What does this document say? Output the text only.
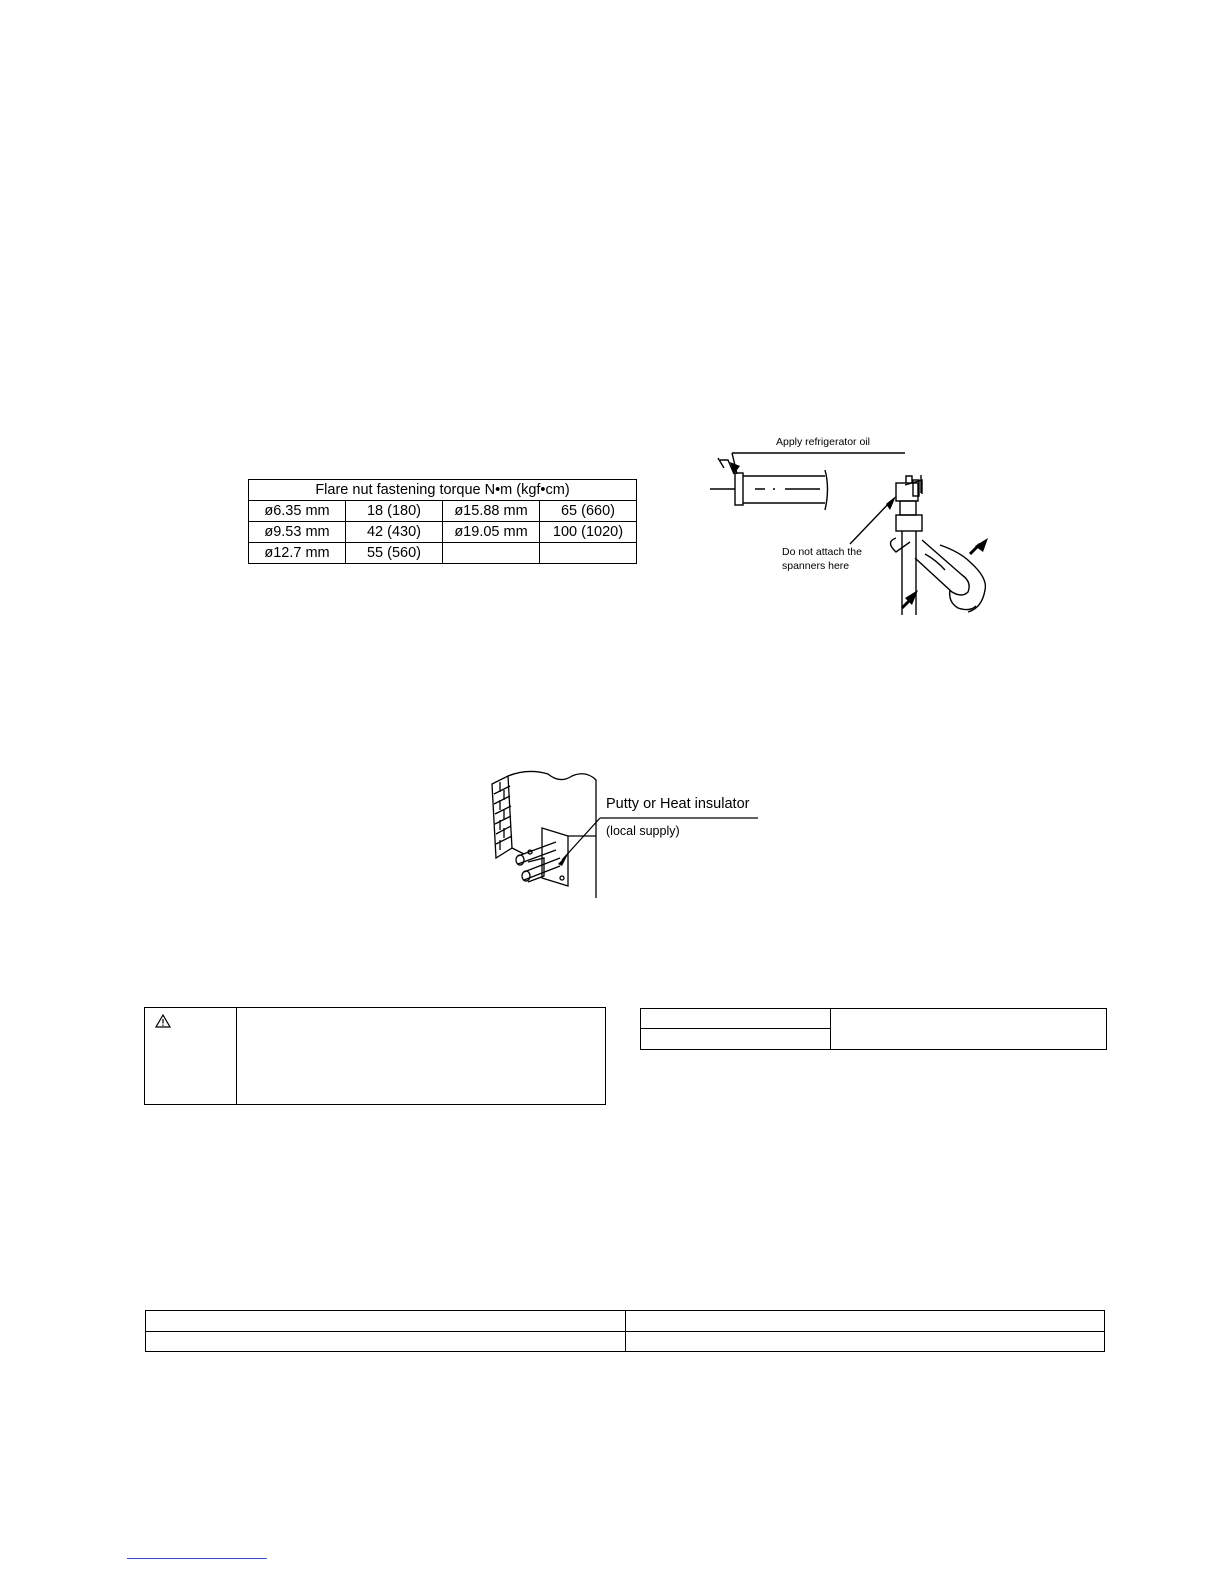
Flare nut fastening torque N•m (kgf•cm)			
ø6.35 mm	18 (180)	ø15.88 mm	65 (660)
ø9.53 mm	42 (430)	ø19.05 mm	100 (1020)
ø12.7 mm	55 (560)		
Apply refrigerator oil
Do not attach the
spanners here
Putty or Heat insulator
(local supply)
